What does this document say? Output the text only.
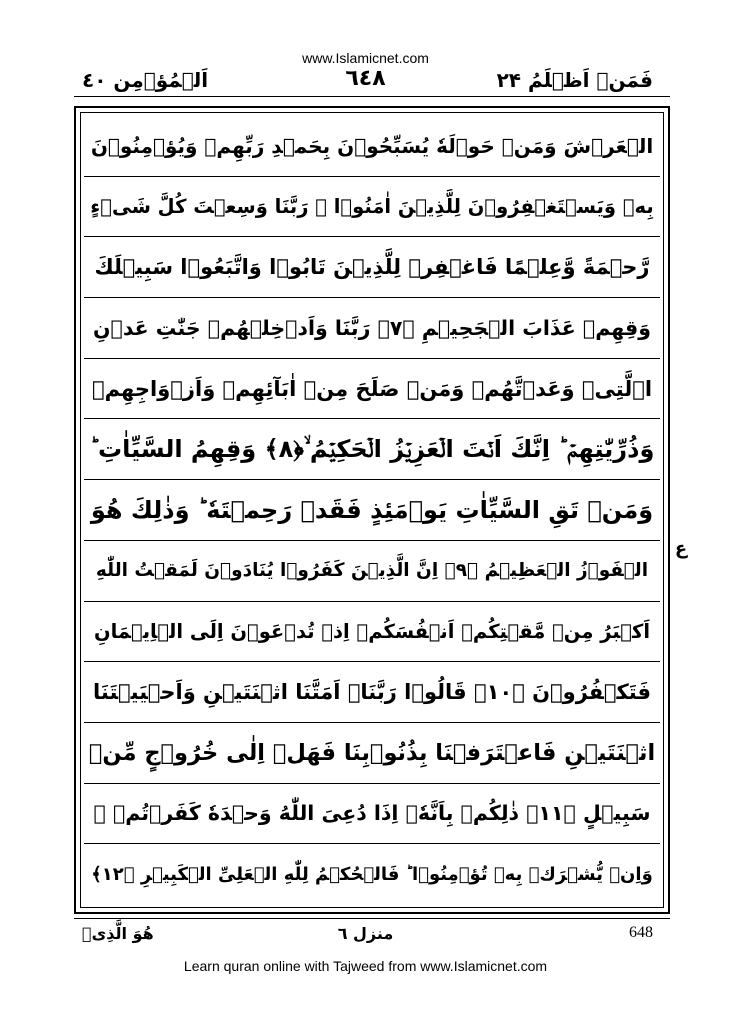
www.Islamicnet.com
اَلۡمُؤۡمِن ٤٠	٦٤٨	فَمَنۡ اَظۡلَمُ ۲۴
الۡعَرۡشَ وَمَنۡ حَوۡلَهٗ يُسَبِّحُوۡنَ بِحَمۡدِ رَبِّهِمۡ وَيُؤۡمِنُوۡنَ
بِهٖ وَيَسۡتَغۡفِرُوۡنَ لِلَّذِيۡنَ اٰمَنُوۡا ۚ رَبَّنَا وَسِعۡتَ كُلَّ شَىۡءٍ
رَّحۡمَةً وَّعِلۡمًا فَاغۡفِرۡ لِلَّذِيۡنَ تَابُوۡا وَاتَّبَعُوۡا سَبِيۡلَكَ
وَقِهِمۡ عَذَابَ الۡجَحِيۡمِ ﴿۷﴾ رَبَّنَا وَاَدۡخِلۡهُمۡ جَنّٰتِ عَدۡنِ
اۨلَّتِىۡ وَعَدۡتَّهُمۡ وَمَنۡ صَلَحَ مِنۡ اٰبَآئِهِمۡ وَاَزۡوَاجِهِمۡ
وَذُرِّيّٰتِهِمۡ ؕ اِنَّكَ اَنۡتَ الۡعَزِيۡزُ الۡحَكِيۡمُ ۙ﴿۸﴾ وَقِهِمُ السَّيِّاٰتِ ؕ
وَمَنۡ تَقِ السَّيِّاٰتِ يَوۡمَئِذٍ فَقَدۡ رَحِمۡتَهٗ ؕ وَذٰلِكَ هُوَ
الۡفَوۡزُ الۡعَظِيۡمُ ﴿۹﴾ اِنَّ الَّذِيۡنَ كَفَرُوۡا يُنَادَوۡنَ لَمَقۡتُ اللّٰهِ
اَكۡبَرُ مِنۡ مَّقۡتِكُمۡ اَنۡفُسَكُمۡ اِذۡ تُدۡعَوۡنَ اِلَى الۡاِيۡمَانِ
فَتَكۡفُرُوۡنَ ﴿۱۰﴾ قَالُوۡا رَبَّنَاۤ اَمَتَّنَا اثۡنَتَيۡنِ وَاَحۡيَيۡتَنَا
اثۡنَتَيۡنِ فَاعۡتَرَفۡنَا بِذُنُوۡبِنَا فَهَلۡ اِلٰى خُرُوۡجٍ مِّنۡ
سَبِيۡلٍ ﴿۱۱﴾ ذٰلِكُمۡ بِاَنَّهٗۤ اِذَا دُعِىَ اللّٰهُ وَحۡدَهٗ كَفَرۡتُمۡ ۚ
وَاِنۡ يُّشۡرَكۡ بِهٖ تُؤۡمِنُوۡا ؕ فَالۡحُكۡمُ لِلّٰهِ الۡعَلِىِّ الۡكَبِيۡرِ ﴿۱۲﴾
ع
هُوَ الَّذِىۡ	منزل ٦	648
Learn quran online with Tajweed from www.Islamicnet.com
